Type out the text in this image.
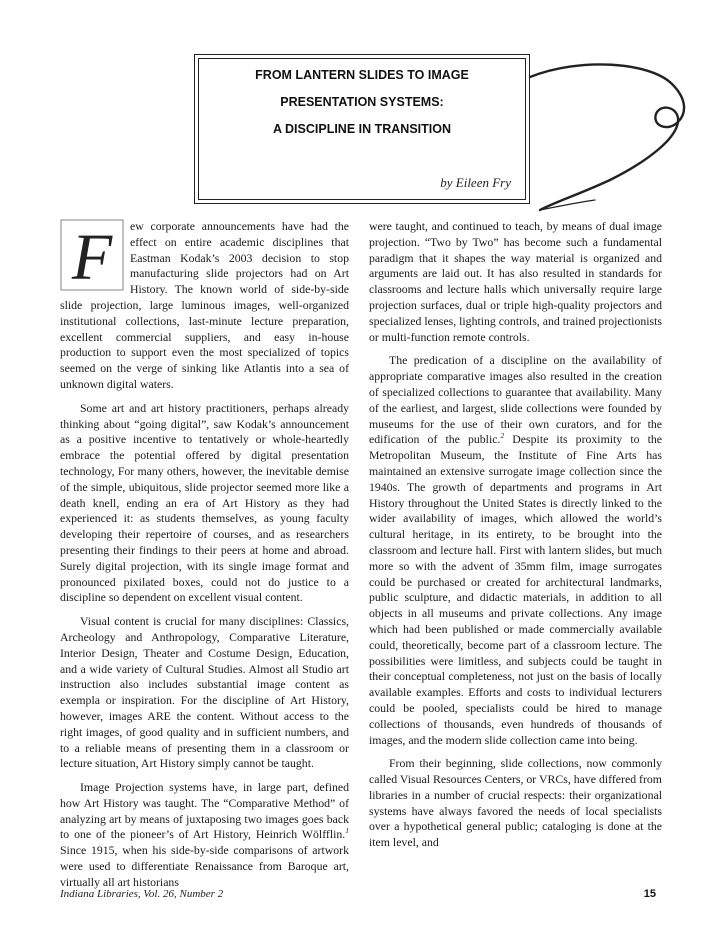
FROM LANTERN SLIDES TO IMAGE
PRESENTATION SYSTEMS:
A DISCIPLINE IN TRANSITION
by Eileen Fry
F	ew corporate announcements have had the effect on entire academic disciplines that Eastman Kodak’s 2003 decision to stop manufacturing slide projectors had on Art History. The known world of side-by-side slide projection, large luminous images, well-organized institutional collections, last-minute lecture preparation, excellent commercial suppliers, and easy in-house production to support even the most specialized of topics seemed on the verge of sinking like Atlantis into a sea of unknown digital waters.

Some art and art history practitioners, perhaps already thinking about “going digital”, saw Kodak’s announcement as a positive incentive to tentatively or whole-heartedly embrace the potential offered by digital presentation technology, For many others, however, the inevitable demise of the simple, ubiquitous, slide projector seemed more like a death knell, ending an era of Art History as they had experienced it: as students themselves, as young faculty developing their repertoire of courses, and as researchers presenting their findings to their peers at home and abroad. Surely digital projection, with its single image format and pronounced pixilated boxes, could not do justice to a discipline so dependent on excellent visual content.

Visual content is crucial for many disciplines: Classics, Archeology and Anthropology, Comparative Literature, Interior Design, Theater and Costume Design, Education, and a wide variety of Cultural Studies. Almost all Studio art instruction also includes substantial image content as exempla or inspiration. For the discipline of Art History, however, images ARE the content. Without access to the right images, of good quality and in sufficient numbers, and to a reliable means of presenting them in a classroom or lecture situation, Art History simply cannot be taught.

Image Projection systems have, in large part, defined how Art History was taught. The “Comparative Method” of analyzing art by means of juxtaposing two images goes back to one of the pioneer’s of Art History, Heinrich Wölfflin.$^1$ Since 1915, when his side-by-side comparisons of artwork were used to differentiate Renaissance from Baroque art, virtually all art historians

were taught, and continued to teach, by means of dual image projection. “Two by Two” has become such a fundamental paradigm that it shapes the way material is organized and arguments are laid out. It has also resulted in standards for classrooms and lecture halls which universally require large projection surfaces, dual or triple high-quality projectors and specialized lenses, lighting controls, and trained projectionists or multi-function remote controls.

The predication of a discipline on the availability of appropriate comparative images also resulted in the creation of specialized collections to guarantee that availability. Many of the earliest, and largest, slide collections were founded by museums for the use of their own curators, and for the edification of the public.$^2$ Despite its proximity to the Metropolitan Museum, the Institute of Fine Arts has maintained an extensive surrogate image collection since the 1940s. The growth of departments and programs in Art History throughout the United States is directly linked to the wider availability of images, which allowed the world’s cultural heritage, in its entirety, to be brought into the classroom and lecture hall. First with lantern slides, but much more so with the advent of 35mm film, image surrogates could be purchased or created for architectural landmarks, public sculpture, and didactic materials, in addition to all objects in all museums and private collections. Any image which had been published or made commercially available could, theoretically, become part of a classroom lecture. The possibilities were limitless, and subjects could be taught in their conceptual completeness, not just on the basis of locally available examples. Efforts and costs to individual lecturers could be pooled, specialists could be hired to manage collections of thousands, even hundreds of thousands of images, and the modern slide collection came into being.

From their beginning, slide collections, now commonly called Visual Resources Centers, or VRCs, have differed from libraries in a number of crucial respects: their organizational systems have always favored the needs of local specialists over a hypothetical general public; cataloging is done at the item level, and

Indiana Libraries, Vol. 26, Number 2	15
